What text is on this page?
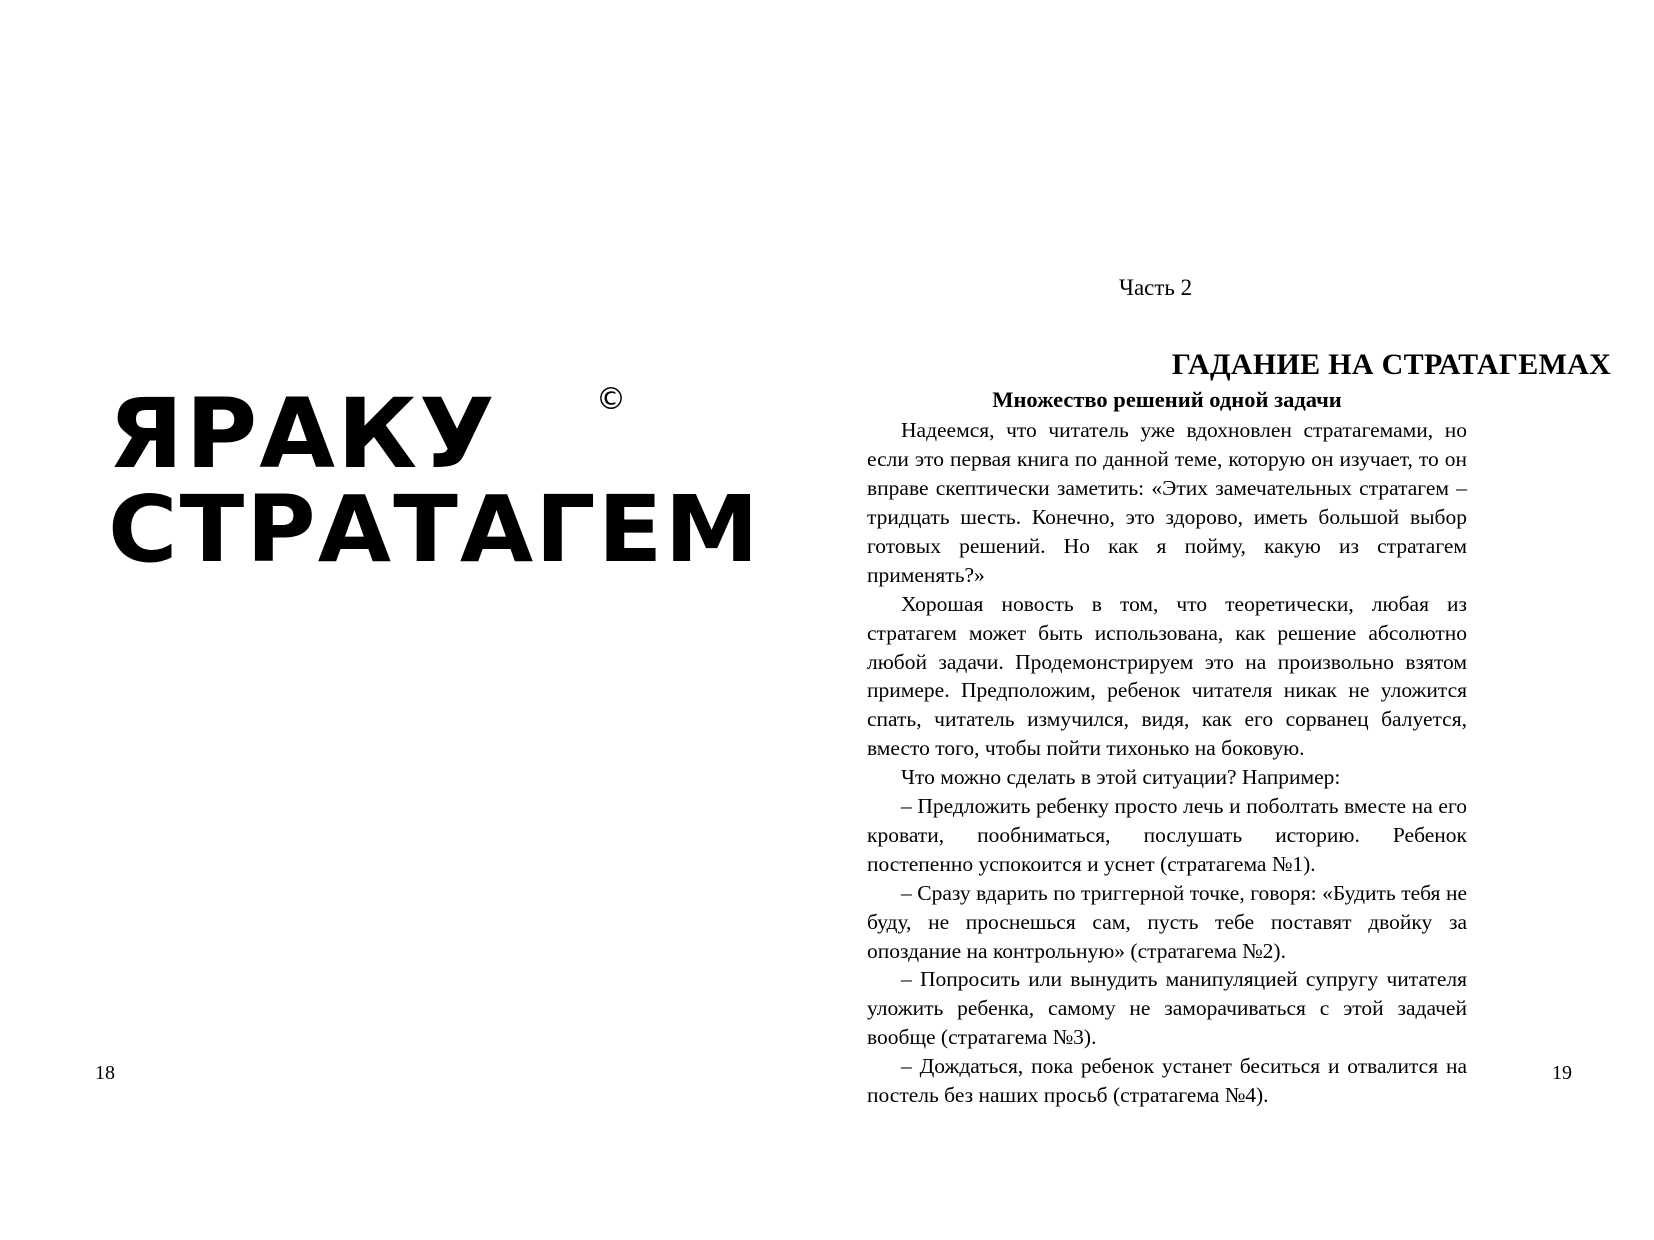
ЯРАКУ
СТРАТАГЕМ
©
18
Часть 2
ГАДАНИЕ НА СТРАТАГЕМАХ

Множество решений одной задачи

Надеемся, что читатель уже вдохновлен стратагемами, но если это первая книга по данной теме, которую он изучает, то он вправе скептически заметить: «Этих замечательных стратагем – тридцать шесть. Конечно, это здорово, иметь большой выбор готовых решений. Но как я пойму, какую из стратагем применять?»

Хорошая новость в том, что теоретически, любая из стратагем может быть использована, как решение абсолютно любой задачи. Продемонстрируем это на произвольно взятом примере. Предположим, ребенок читателя никак не уложится спать, читатель измучился, видя, как его сорванец балуется, вместо того, чтобы пойти тихонько на боковую.

Что можно сделать в этой ситуации? Например:

– Предложить ребенку просто лечь и поболтать вместе на его кровати, пообниматься, послушать историю. Ребенок постепенно успокоится и уснет (стратагема №1).

– Сразу вдарить по триггерной точке, говоря: «Будить тебя не буду, не проснешься сам, пусть тебе поставят двойку за опоздание на контрольную» (стратагема №2).

– Попросить или вынудить манипуляцией супругу читателя уложить ребенка, самому не заморачиваться с этой задачей вообще (стратагема №3).

– Дождаться, пока ребенок устанет беситься и отвалится на постель без наших просьб (стратагема №4).

19
